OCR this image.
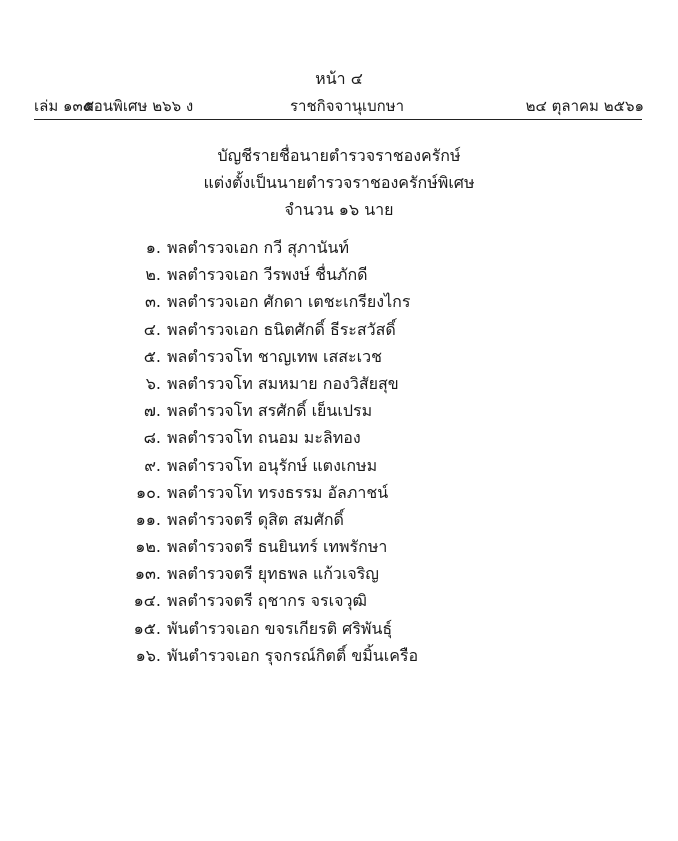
หน้า ๔
เล่ม ๑๓๕
ตอนพิเศษ ๒๖๖ ง	ราชกิจจานุเบกษา	๒๔ ตุลาคม ๒๕๖๑
บัญชีรายชื่อนายตำรวจราชองครักษ์
แต่งตั้งเป็นนายตำรวจราชองครักษ์พิเศษ
จำนวน ๑๖ นาย
๑. พลตำรวจเอก กวี สุภานันท์
๒. พลตำรวจเอก วีรพงษ์ ชื่นภักดี
๓. พลตำรวจเอก ศักดา เตชะเกรียงไกร
๔. พลตำรวจเอก ธนิตศักดิ์ ธีระสวัสดิ์
๕. พลตำรวจโท ชาญเทพ เสสะเวช
๖. พลตำรวจโท สมหมาย กองวิสัยสุข
๗. พลตำรวจโท สรศักดิ์ เย็นเปรม
๘. พลตำรวจโท ถนอม มะลิทอง
๙. พลตำรวจโท อนุรักษ์ แตงเกษม
๑๐. พลตำรวจโท ทรงธรรม อัลภาชน์
๑๑. พลตำรวจตรี ดุสิต สมศักดิ์
๑๒. พลตำรวจตรี ธนยินทร์ เทพรักษา
๑๓. พลตำรวจตรี ยุทธพล แก้วเจริญ
๑๔. พลตำรวจตรี ฤชากร จรเจวุฒิ
๑๕. พันตำรวจเอก ขจรเกียรติ ศริพันธุ์
๑๖. พันตำรวจเอก รุจกรณ์กิตติ์ ขมิ้นเครือ
